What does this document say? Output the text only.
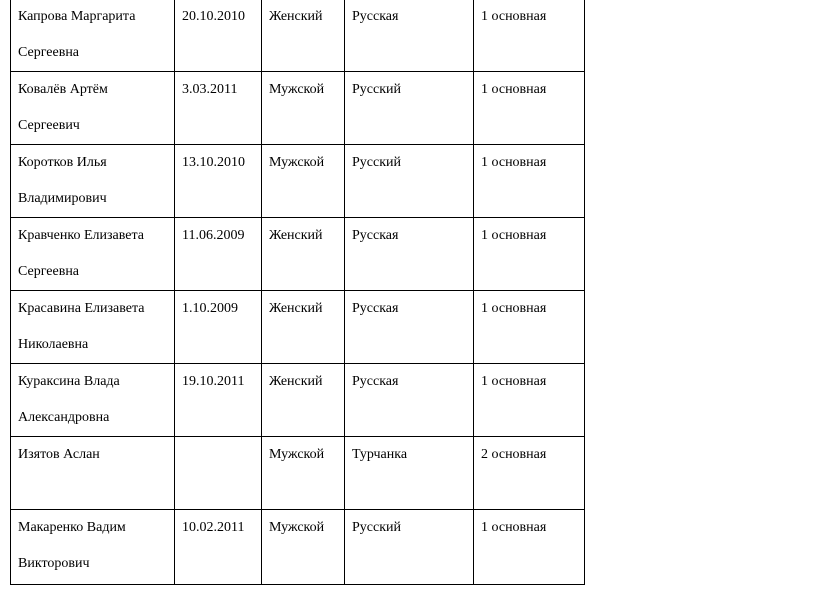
Капрова Маргарита
Сергеевна	20.10.2010	Женский	Русская	1 основная

Ковалёв Артём
Сергеевич	3.03.2011	Мужской	Русский	1 основная

Коротков Илья
Владимирович	13.10.2010	Мужской	Русский	1 основная

Кравченко Елизавета
Сергеевна	11.06.2009	Женский	Русская	1 основная

Красавина Елизавета
Николаевна	1.10.2009	Женский	Русская	1 основная

Кураксина Влада
Александровна	19.10.2011	Женский	Русская	1 основная

Изятов Аслан		Мужской	Турчанка	2 основная

Макаренко Вадим
Викторович	10.02.2011	Мужской	Русский	1 основная
